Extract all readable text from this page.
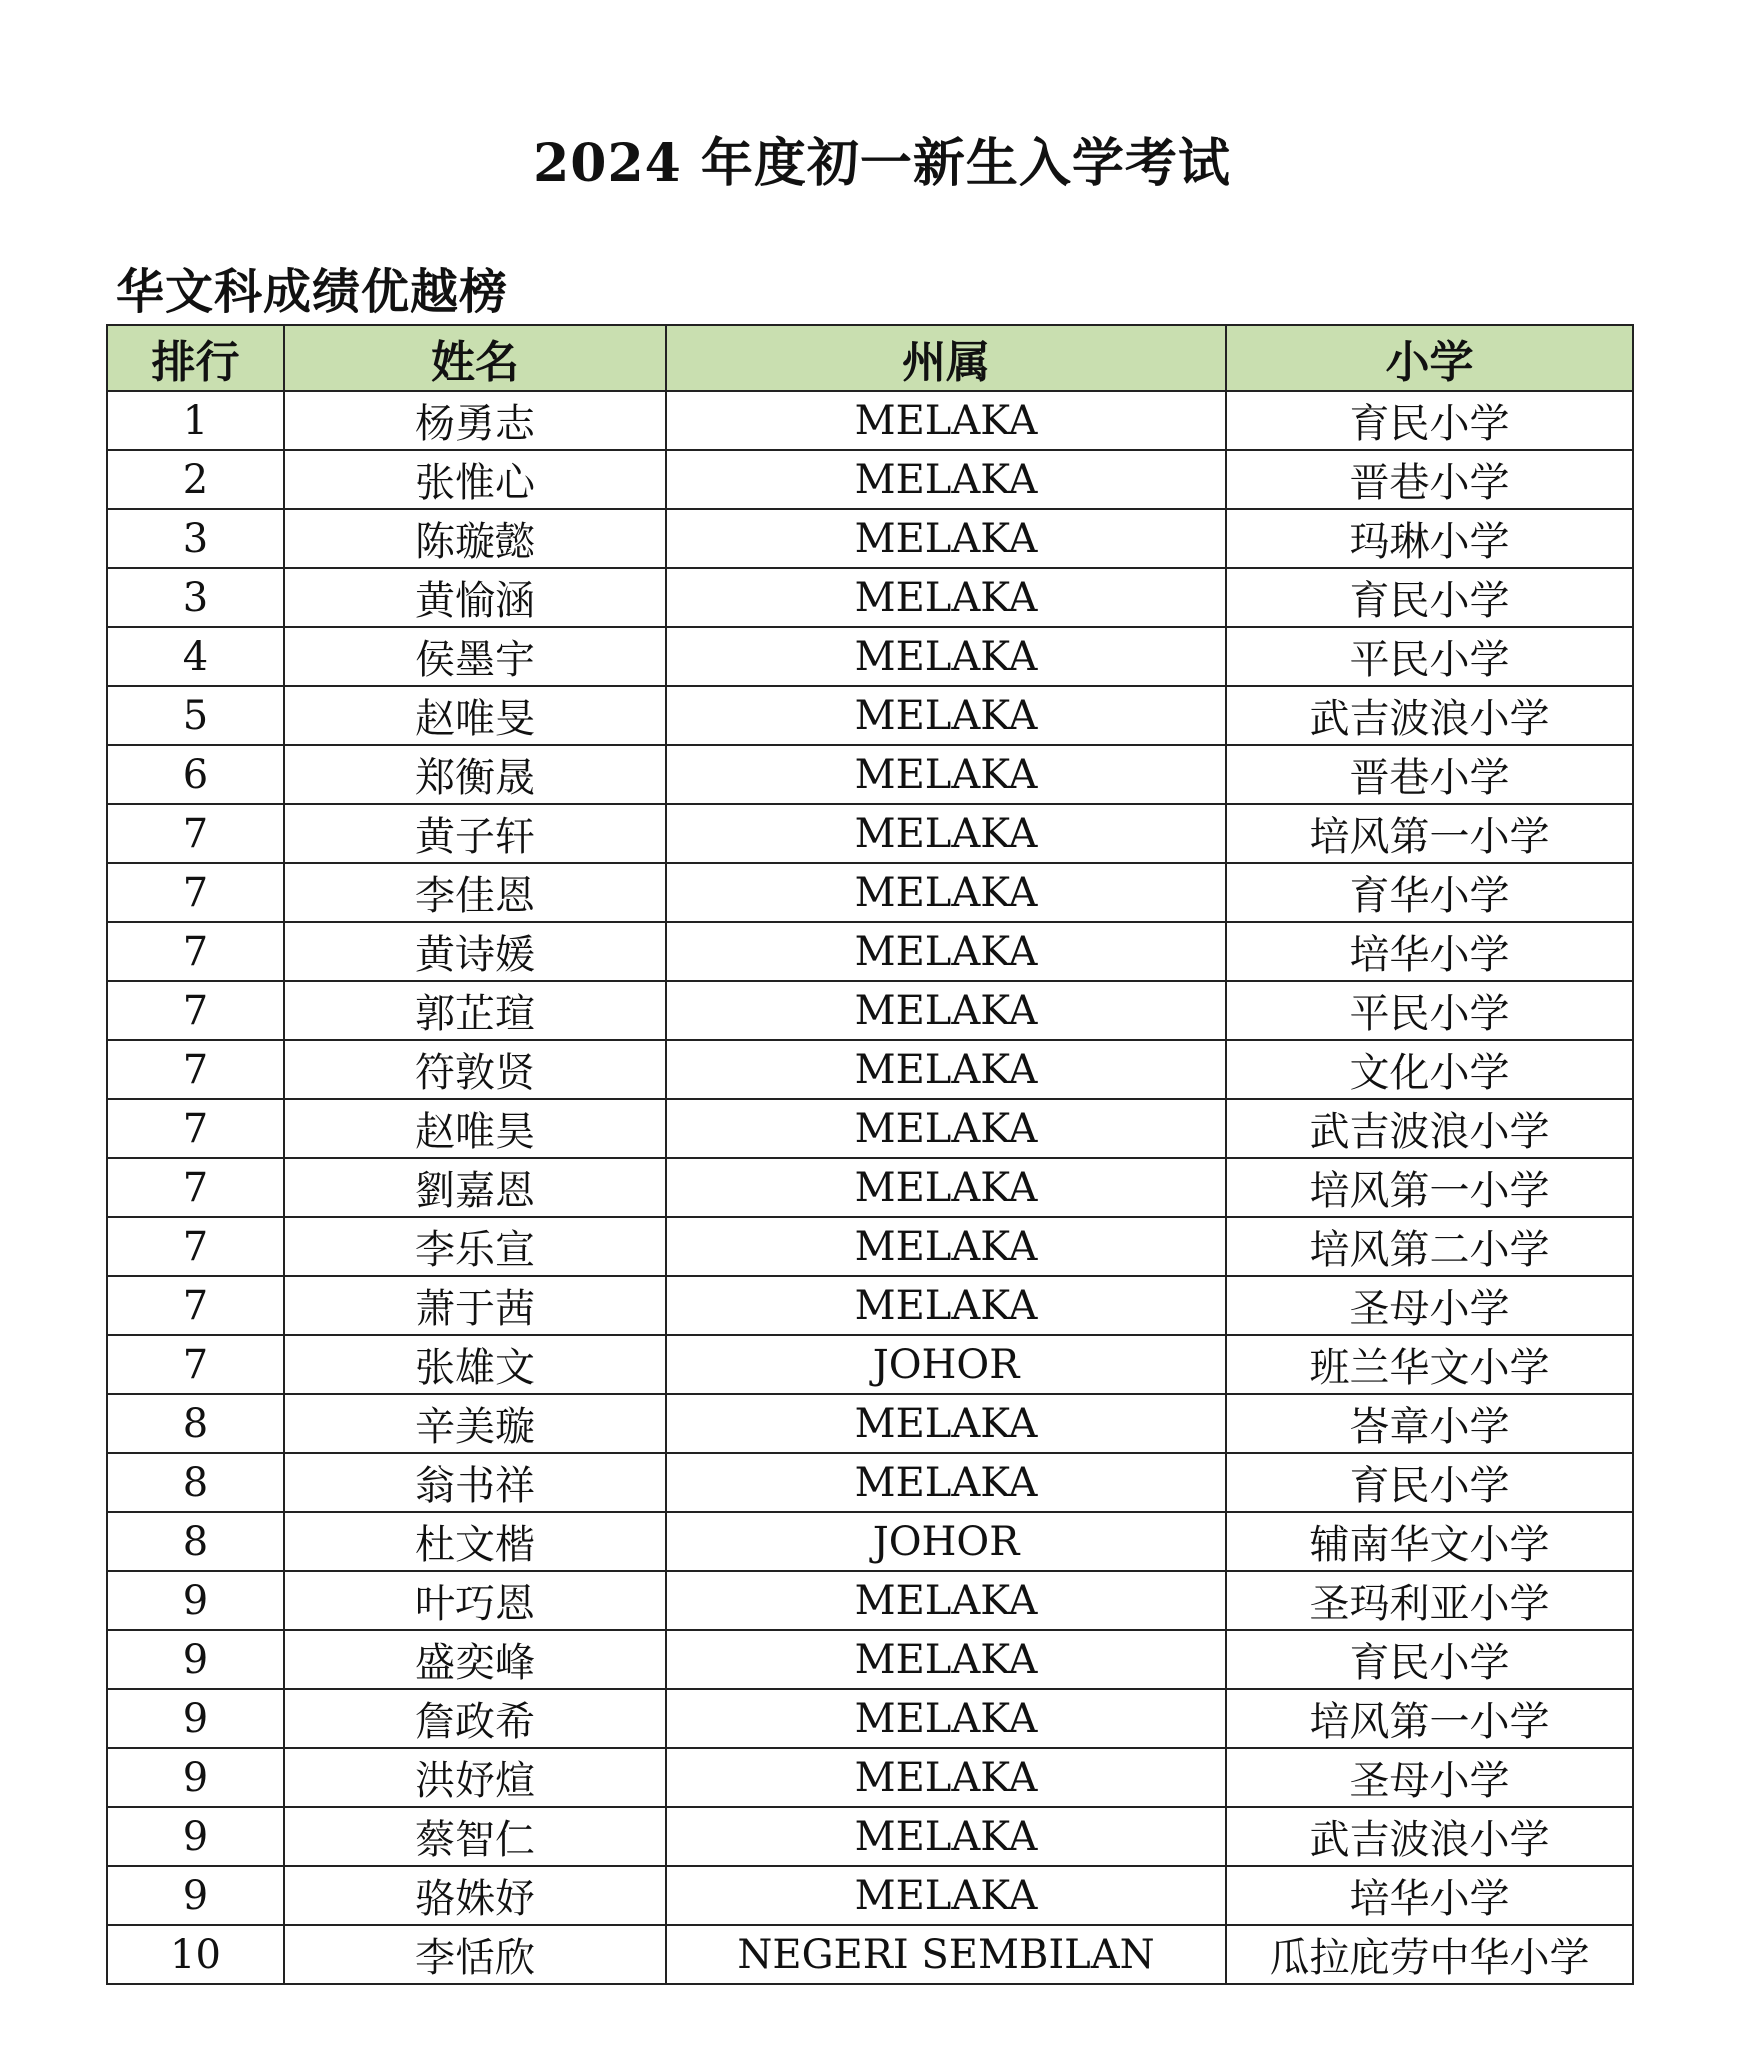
2024 年度初一新生入学考试
华文科成绩优越榜
排行	姓名	州属	小学
1	杨勇志	MELAKA	育民小学
2	张惟心	MELAKA	晋巷小学
3	陈璇懿	MELAKA	玛琳小学
3	黄愉涵	MELAKA	育民小学
4	侯墨宇	MELAKA	平民小学
5	赵唯旻	MELAKA	武吉波浪小学
6	郑衡晟	MELAKA	晋巷小学
7	黄子轩	MELAKA	培风第一小学
7	李佳恩	MELAKA	育华小学
7	黄诗媛	MELAKA	培华小学
7	郭芷瑄	MELAKA	平民小学
7	符敦贤	MELAKA	文化小学
7	赵唯昊	MELAKA	武吉波浪小学
7	劉嘉恩	MELAKA	培风第一小学
7	李乐宣	MELAKA	培风第二小学
7	萧于茜	MELAKA	圣母小学
7	张雄文	JOHOR	班兰华文小学
8	辛美璇	MELAKA	峇章小学
8	翁书祥	MELAKA	育民小学
8	杜文楷	JOHOR	辅南华文小学
9	叶巧恩	MELAKA	圣玛利亚小学
9	盛奕峰	MELAKA	育民小学
9	詹政希	MELAKA	培风第一小学
9	洪妤煊	MELAKA	圣母小学
9	蔡智仁	MELAKA	武吉波浪小学
9	骆姝妤	MELAKA	培华小学
10	李恬欣	NEGERI SEMBILAN	瓜拉庇劳中华小学
